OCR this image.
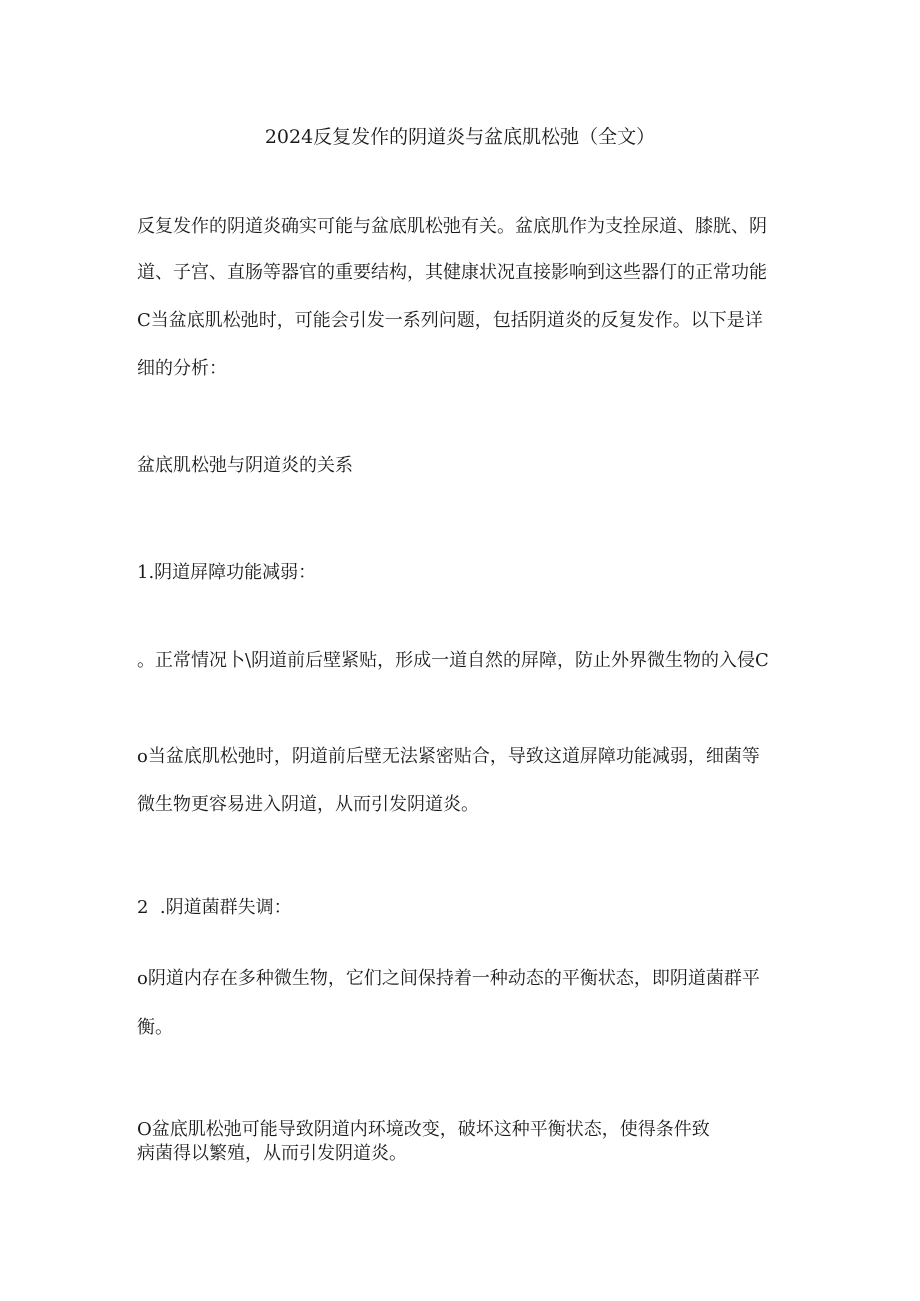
2024反复发作的阴道炎与盆底肌松弛（全文）
反复发作的阴道炎确实可能与盆底肌松弛有关。盆底肌作为支拴尿道、膝胱、阴
道、子宫、直肠等器官的重要结构，其健康状况直接影响到这些器仃的正常功能
C当盆底肌松弛时，可能会引发一系列问题，包括阴道炎的反复发作。以下是详
细的分析：
盆底肌松弛与阴道炎的关系
1.阴道屏障功能减弱：
。正常情况卜\阴道前后壁紧贴，形成一道自然的屏障，防止外界微生物的入侵C
o当盆底肌松弛时，阴道前后壁无法紧密贴合，导致这道屏障功能减弱，细菌等
微生物更容易进入阴道，从而引发阴道炎。
2  .阴道菌群失调：
o阴道内存在多种微生物，它们之间保持着一种动态的平衡状态，即阴道菌群平
衡。
O盆底肌松弛可能导致阴道内环境改变，破坏这种平衡状态，使得条件致
病菌得以繁殖，从而引发阴道炎。
